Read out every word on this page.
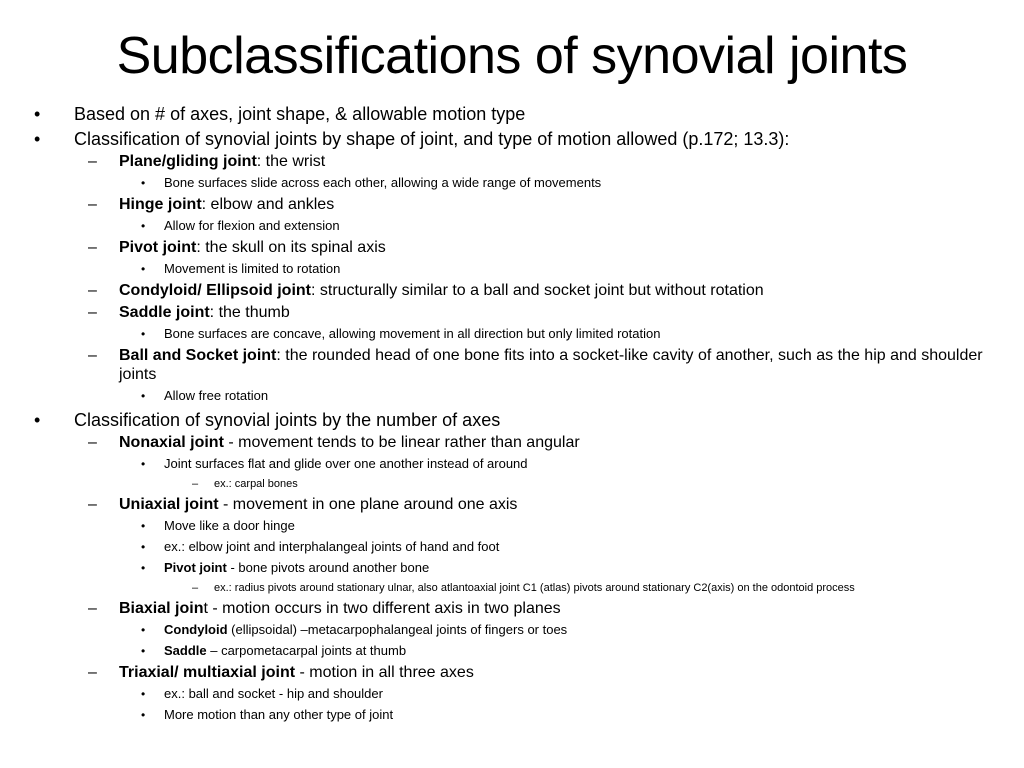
Subclassifications of synovial joints
• Based on # of axes, joint shape, & allowable motion type
• Classification of synovial joints by shape of joint, and type of motion allowed (p.172; 13.3):
– Plane/gliding joint: the wrist
• Bone surfaces slide across each other, allowing a wide range of movements
– Hinge joint: elbow and ankles
• Allow for flexion and extension
– Pivot joint: the skull on its spinal axis
• Movement is limited to rotation
– Condyloid/ Ellipsoid joint: structurally similar to a ball and socket joint but without rotation
– Saddle joint: the thumb
• Bone surfaces are concave, allowing movement in all direction but only limited rotation
– Ball and Socket joint: the rounded head of one bone fits into a socket-like cavity of another, such as the hip and shoulder joints
• Allow free rotation
• Classification of synovial joints by the number of axes
– Nonaxial joint - movement tends to be linear rather than angular
• Joint surfaces flat and glide over one another instead of around
– ex.: carpal bones
– Uniaxial joint - movement in one plane around one axis
• Move like a door hinge
• ex.: elbow joint and interphalangeal joints of hand and foot
• Pivot joint - bone pivots around another bone
– ex.: radius pivots around stationary ulnar, also atlantoaxial joint C1 (atlas) pivots around stationary C2(axis) on the odontoid process
– Biaxial joint - motion occurs in two different axis in two planes
• Condyloid (ellipsoidal) –metacarpophalangeal joints of fingers or toes
• Saddle – carpometacarpal joints at thumb
– Triaxial/ multiaxial joint - motion in all three axes
• ex.: ball and socket - hip and shoulder
• More motion than any other type of joint
